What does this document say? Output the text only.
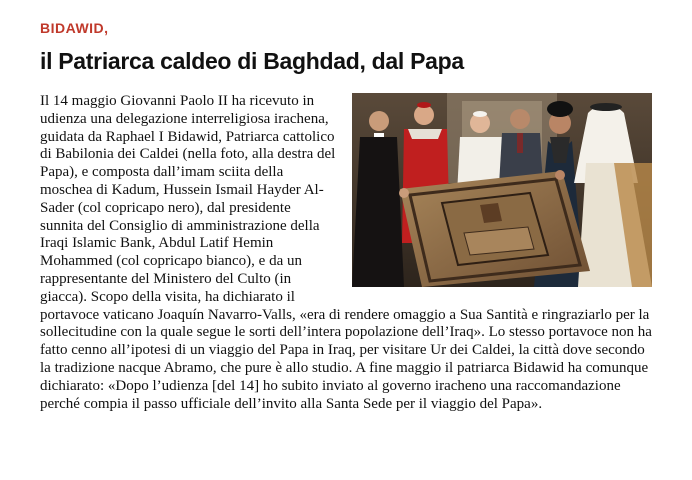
BIDAWID,
il Patriarca caldeo di Baghdad, dal Papa
Il 14 maggio Giovanni Paolo II ha ricevuto in udienza una delegazione interreligiosa irachena, guidata da Raphael I Bidawid, Patriarca cattolico di Babilonia dei Caldei (nella foto, alla destra del Papa), e composta dall’imam sciita della moschea di Kadum, Hussein Ismail Hayder Al-Sader (col copricapo nero), dal presidente sunnita del Consiglio di amministrazione della Iraqi Islamic Bank, Abdul Latif Hemin Mohammed (col copricapo bianco), e da un rappresentante del Ministero del Culto (in giacca). Scopo della visita, ha dichiarato il portavoce vaticano Joaquín Navarro-Valls, «era di rendere omaggio a Sua Santità e ringraziarlo per la sollecitudine con la quale segue le sorti dell’intera popolazione dell’Iraq». Lo stesso portavoce non ha fatto cenno all’ipotesi di un viaggio del Papa in Iraq, per visitare Ur dei Caldei, la città dove secondo la tradizione nacque Abramo, che pure è allo studio. A fine maggio il patriarca Bidawid ha comunque dichiarato: «Dopo l’udienza [del 14] ho subito inviato al governo iracheno una raccomandazione perché compia il passo ufficiale dell’invito alla Santa Sede per il viaggio del Papa».
